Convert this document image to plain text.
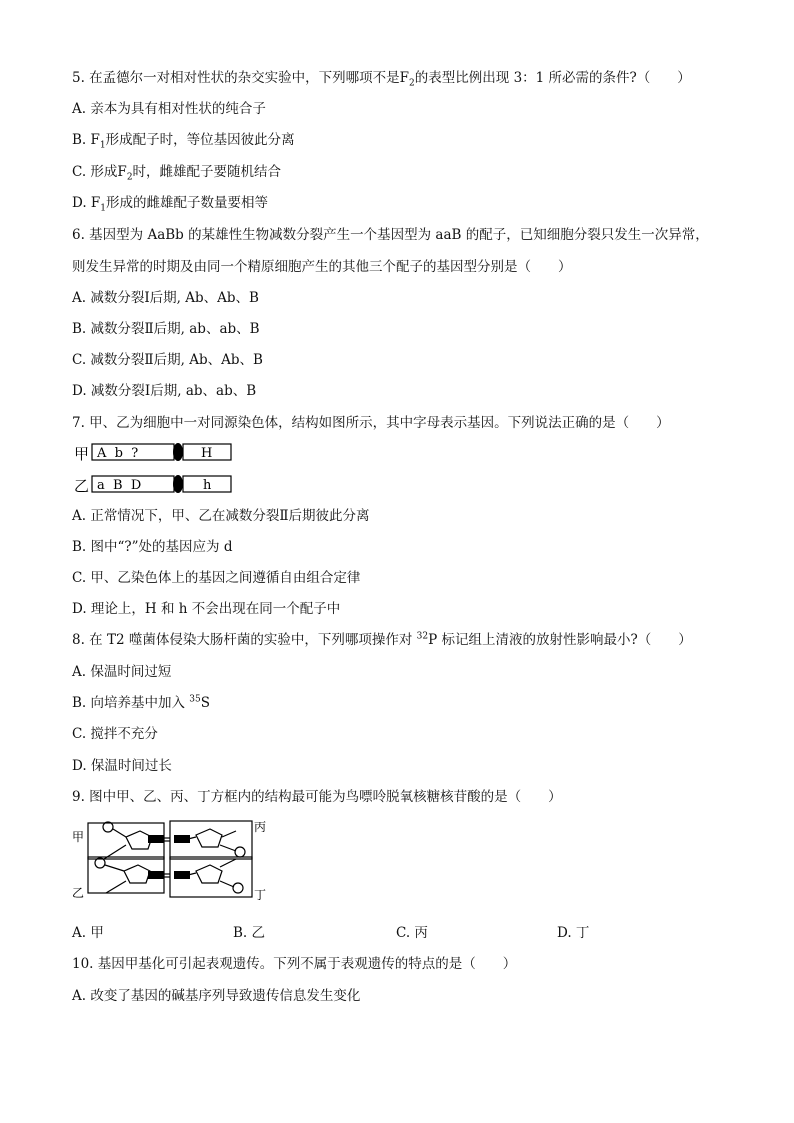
5. 在孟德尔一对相对性状的杂交实验中，下列哪项不是$F_2$的表型比例出现 3：1 所必需的条件?（　　）
A. 亲本为具有相对性状的纯合子
B. $F_1$形成配子时，等位基因彼此分离
C. 形成$F_2$时，雌雄配子要随机结合
D. $F_1$形成的雌雄配子数量要相等
6. 基因型为 AaBb 的某雄性生物减数分裂产生一个基因型为 aaB 的配子，已知细胞分裂只发生一次异常，
则发生异常的时期及由同一个精原细胞产生的其他三个配子的基因型分别是（　　）
A. 减数分裂Ⅰ后期, Ab、Ab、B
B. 减数分裂Ⅱ后期, ab、ab、B
C. 减数分裂Ⅱ后期, Ab、Ab、B
D. 减数分裂Ⅰ后期, ab、ab、B
7. 甲、乙为细胞中一对同源染色体，结构如图所示，其中字母表示基因。下列说法正确的是（　　）
甲 A  b  ?	H
乙 a  B  D	h
A. 正常情况下，甲、乙在减数分裂Ⅱ后期彼此分离
B. 图中“?”处的基因应为 d
C. 甲、乙染色体上的基因之间遵循自由组合定律
D. 理论上，H 和 h 不会出现在同一个配子中
8. 在 T2 噬菌体侵染大肠杆菌的实验中，下列哪项操作对 $^{32}$P 标记组上清液的放射性影响最小?（　　）
A. 保温时间过短
B. 向培养基中加入 $^{35}$S
C. 搅拌不充分
D. 保温时间过长
9. 图中甲、乙、丙、丁方框内的结构最可能为鸟嘌呤脱氧核糖核苷酸的是（　　）
甲
乙
丙
丁
A. 甲	B. 乙	C. 丙	D. 丁
10. 基因甲基化可引起表观遗传。下列不属于表观遗传的特点的是（　　）
A. 改变了基因的碱基序列导致遗传信息发生变化
